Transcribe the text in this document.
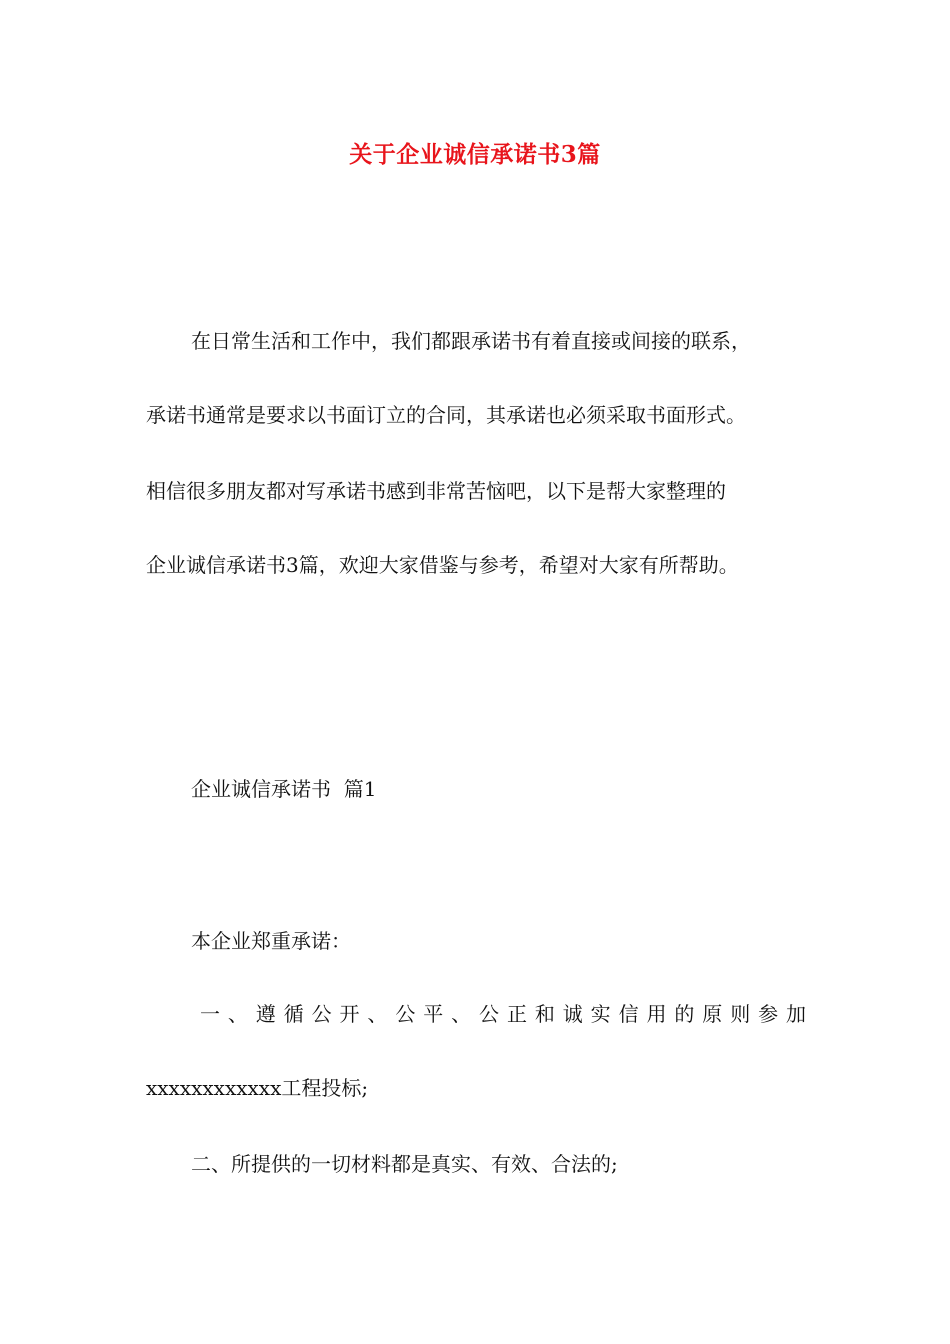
关于企业诚信承诺书3篇
在日常生活和工作中，我们都跟承诺书有着直接或间接的联系，
承诺书通常是要求以书面订立的合同，其承诺也必须采取书面形式。
相信很多朋友都对写承诺书感到非常苦恼吧，以下是帮大家整理的
企业诚信承诺书3篇，欢迎大家借鉴与参考，希望对大家有所帮助。
企业诚信承诺书  篇1
本企业郑重承诺：
一、遵循公开、公平、公正和诚实信用的原则参加
xxxxxxxxxxxx工程投标;
二、所提供的一切材料都是真实、有效、合法的;
